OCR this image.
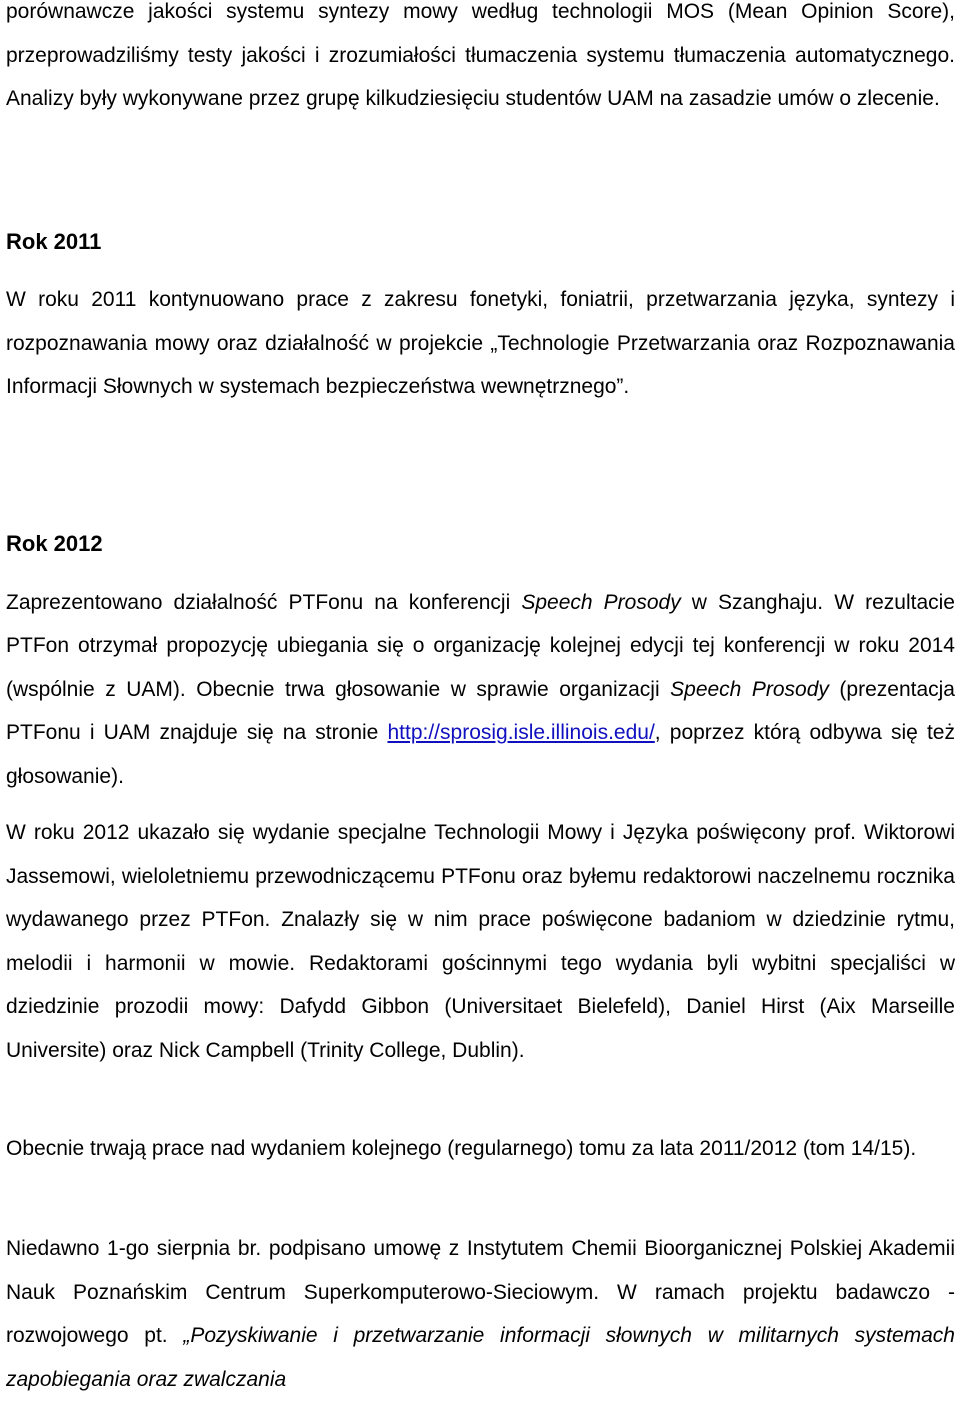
porównawcze jakości systemu syntezy mowy według technologii MOS (Mean Opinion Score), przeprowadziliśmy testy jakości i zrozumiałości tłumaczenia systemu tłumaczenia automatycznego. Analizy były wykonywane przez grupę kilkudziesięciu studentów UAM na zasadzie umów o zlecenie.

Rok 2011

W roku 2011 kontynuowano prace z zakresu fonetyki, foniatrii, przetwarzania języka, syntezy i rozpoznawania mowy oraz działalność w projekcie „Technologie Przetwarzania oraz Rozpoznawania Informacji Słownych w systemach bezpieczeństwa wewnętrznego”.

Rok 2012

Zaprezentowano działalność PTFonu na konferencji Speech Prosody w Szanghaju. W rezultacie PTFon otrzymał propozycję ubiegania się o organizację kolejnej edycji tej konferencji w roku 2014 (wspólnie z UAM). Obecnie trwa głosowanie w sprawie organizacji Speech Prosody (prezentacja PTFonu i UAM znajduje się na stronie http://sprosig.isle.illinois.edu/, poprzez którą odbywa się też głosowanie).

W roku 2012 ukazało się wydanie specjalne Technologii Mowy i Języka poświęcony prof. Wiktorowi Jassemowi, wieloletniemu przewodniczącemu PTFonu oraz byłemu redaktorowi naczelnemu rocznika wydawanego przez PTFon. Znalazły się w nim prace poświęcone badaniom w dziedzinie rytmu, melodii i harmonii w mowie. Redaktorami gościnnymi tego wydania byli wybitni specjaliści w dziedzinie prozodii mowy: Dafydd Gibbon (Universitaet Bielefeld), Daniel Hirst (Aix Marseille Universite) oraz Nick Campbell (Trinity College, Dublin).

Obecnie trwają prace nad wydaniem kolejnego (regularnego) tomu za lata 2011/2012 (tom 14/15).

Niedawno 1-go sierpnia br. podpisano umowę z Instytutem Chemii Bioorganicznej Polskiej Akademii Nauk Poznańskim Centrum Superkomputerowo-Sieciowym. W ramach projektu badawczo - rozwojowego pt. „Pozyskiwanie i przetwarzanie informacji słownych w militarnych systemach zapobiegania oraz zwalczania
